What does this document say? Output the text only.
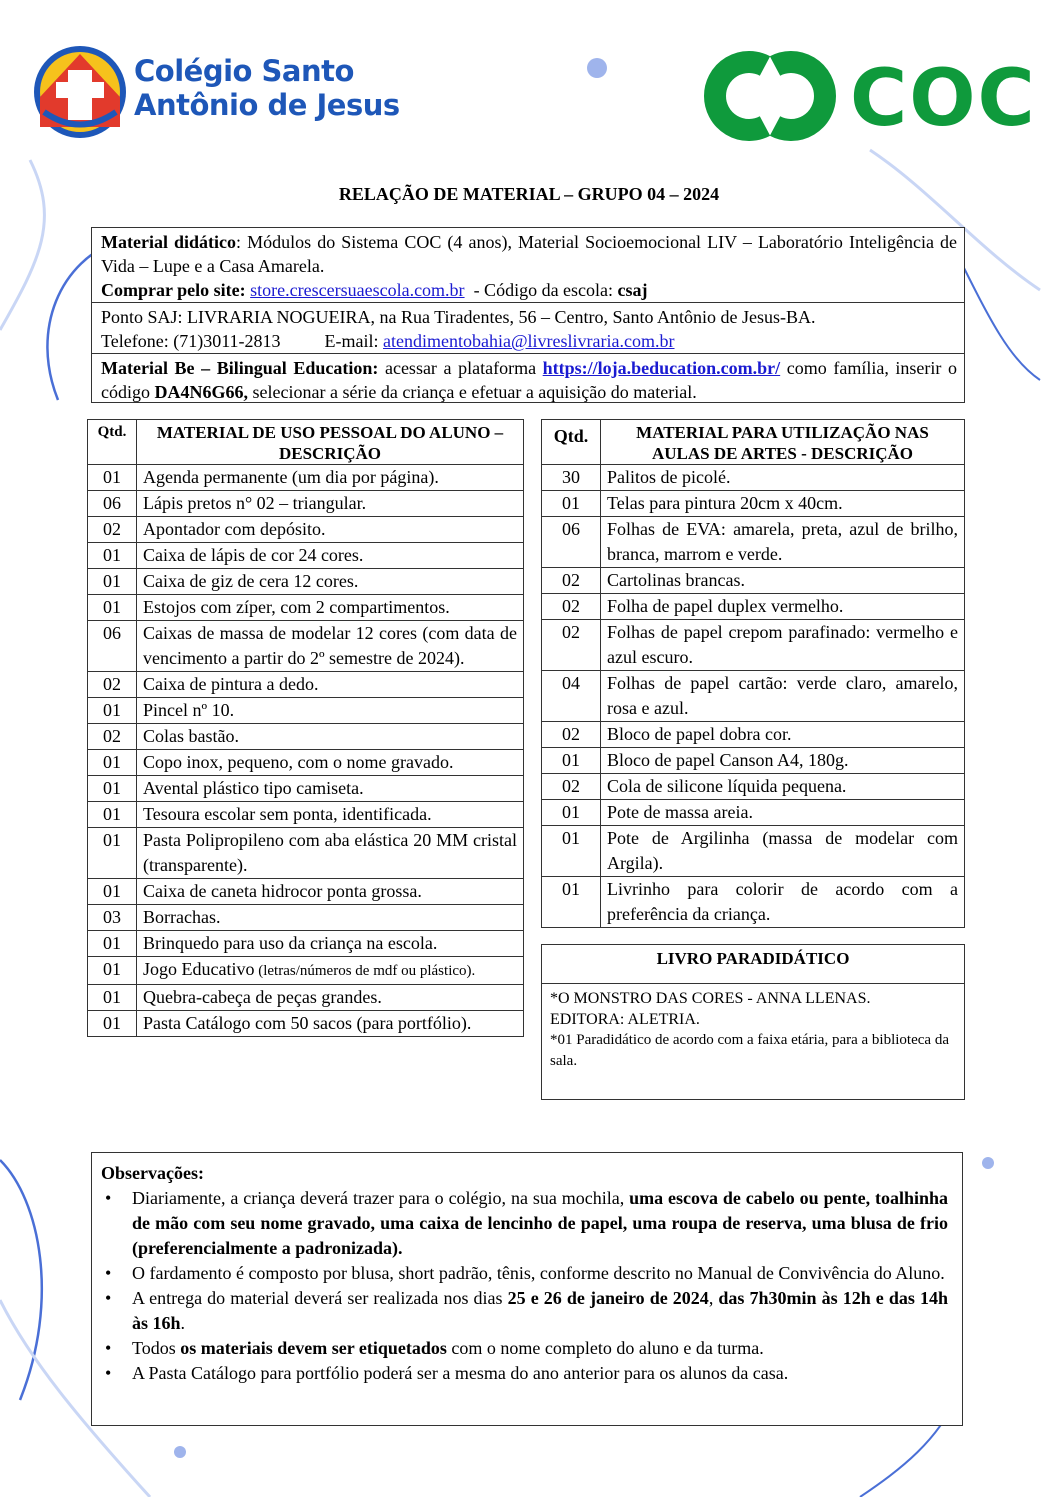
Colégio Santo
Antônio de Jesus	COC
RELAÇÃO DE MATERIAL – GRUPO 04 – 2024
Material didático: Módulos do Sistema COC (4 anos), Material Socioemocional LIV – Laboratório Inteligência de Vida – Lupe e a Casa Amarela.
Comprar pelo site: store.crescersuaescola.com.br  - Código da escola: csaj
Ponto SAJ: LIVRARIA NOGUEIRA, na Rua Tiradentes, 56 – Centro, Santo Antônio de Jesus-BA.
Telefone: (71)3011-2813 E-mail: atendimentobahia@livreslivraria.com.br
Material Be – Bilingual Education: acessar a plataforma https://loja.beducation.com.br/ como família, inserir o código DA4N6G66, selecionar a série da criança e efetuar a aquisição do material.
Qtd.	MATERIAL DE USO PESSOAL DO ALUNO – DESCRIÇÃO
01	Agenda permanente (um dia por página).
06	Lápis pretos n° 02 – triangular.
02	Apontador com depósito.
01	Caixa de lápis de cor 24 cores.
01	Caixa de giz de cera 12 cores.
01	Estojos com zíper, com 2 compartimentos.
06	Caixas de massa de modelar 12 cores (com data de vencimento a partir do 2º semestre de 2024).
02	Caixa de pintura a dedo.
01	Pincel nº 10.
02	Colas bastão.
01	Copo inox, pequeno, com o nome gravado.
01	Avental plástico tipo camiseta.
01	Tesoura escolar sem ponta, identificada.
01	Pasta Polipropileno com aba elástica 20 MM cristal (transparente).
01	Caixa de caneta hidrocor ponta grossa.
03	Borrachas.
01	Brinquedo para uso da criança na escola.
01	Jogo Educativo (letras/números de mdf ou plástico).
01	Quebra-cabeça de peças grandes.
01	Pasta Catálogo com 50 sacos (para portfólio).
Qtd.	MATERIAL PARA UTILIZAÇÃO NAS AULAS DE ARTES - DESCRIÇÃO
30	Palitos de picolé.
01	Telas para pintura 20cm x 40cm.
06	Folhas de EVA: amarela, preta, azul de brilho, branca, marrom e verde.
02	Cartolinas brancas.
02	Folha de papel duplex vermelho.
02	Folhas de papel crepom parafinado: vermelho e azul escuro.
04	Folhas de papel cartão: verde claro, amarelo, rosa e azul.
02	Bloco de papel dobra cor.
01	Bloco de papel Canson A4, 180g.
02	Cola de silicone líquida pequena.
01	Pote de massa areia.
01	Pote de Argilinha (massa de modelar com Argila).
01	Livrinho para colorir de acordo com a preferência da criança.
LIVRO PARADIDÁTICO
*O MONSTRO DAS CORES - ANNA LLENAS.
EDITORA: ALETRIA.
*01 Paradidático de acordo com a faixa etária, para a biblioteca da sala.
Observações:
• Diariamente, a criança deverá trazer para o colégio, na sua mochila, uma escova de cabelo ou pente, toalhinha de mão com seu nome gravado, uma caixa de lencinho de papel, uma roupa de reserva, uma blusa de frio (preferencialmente a padronizada).
• O fardamento é composto por blusa, short padrão, tênis, conforme descrito no Manual de Convivência do Aluno.
• A entrega do material deverá ser realizada nos dias 25 e 26 de janeiro de 2024, das 7h30min às 12h e das 14h às 16h.
• Todos os materiais devem ser etiquetados com o nome completo do aluno e da turma.
• A Pasta Catálogo para portfólio poderá ser a mesma do ano anterior para os alunos da casa.
